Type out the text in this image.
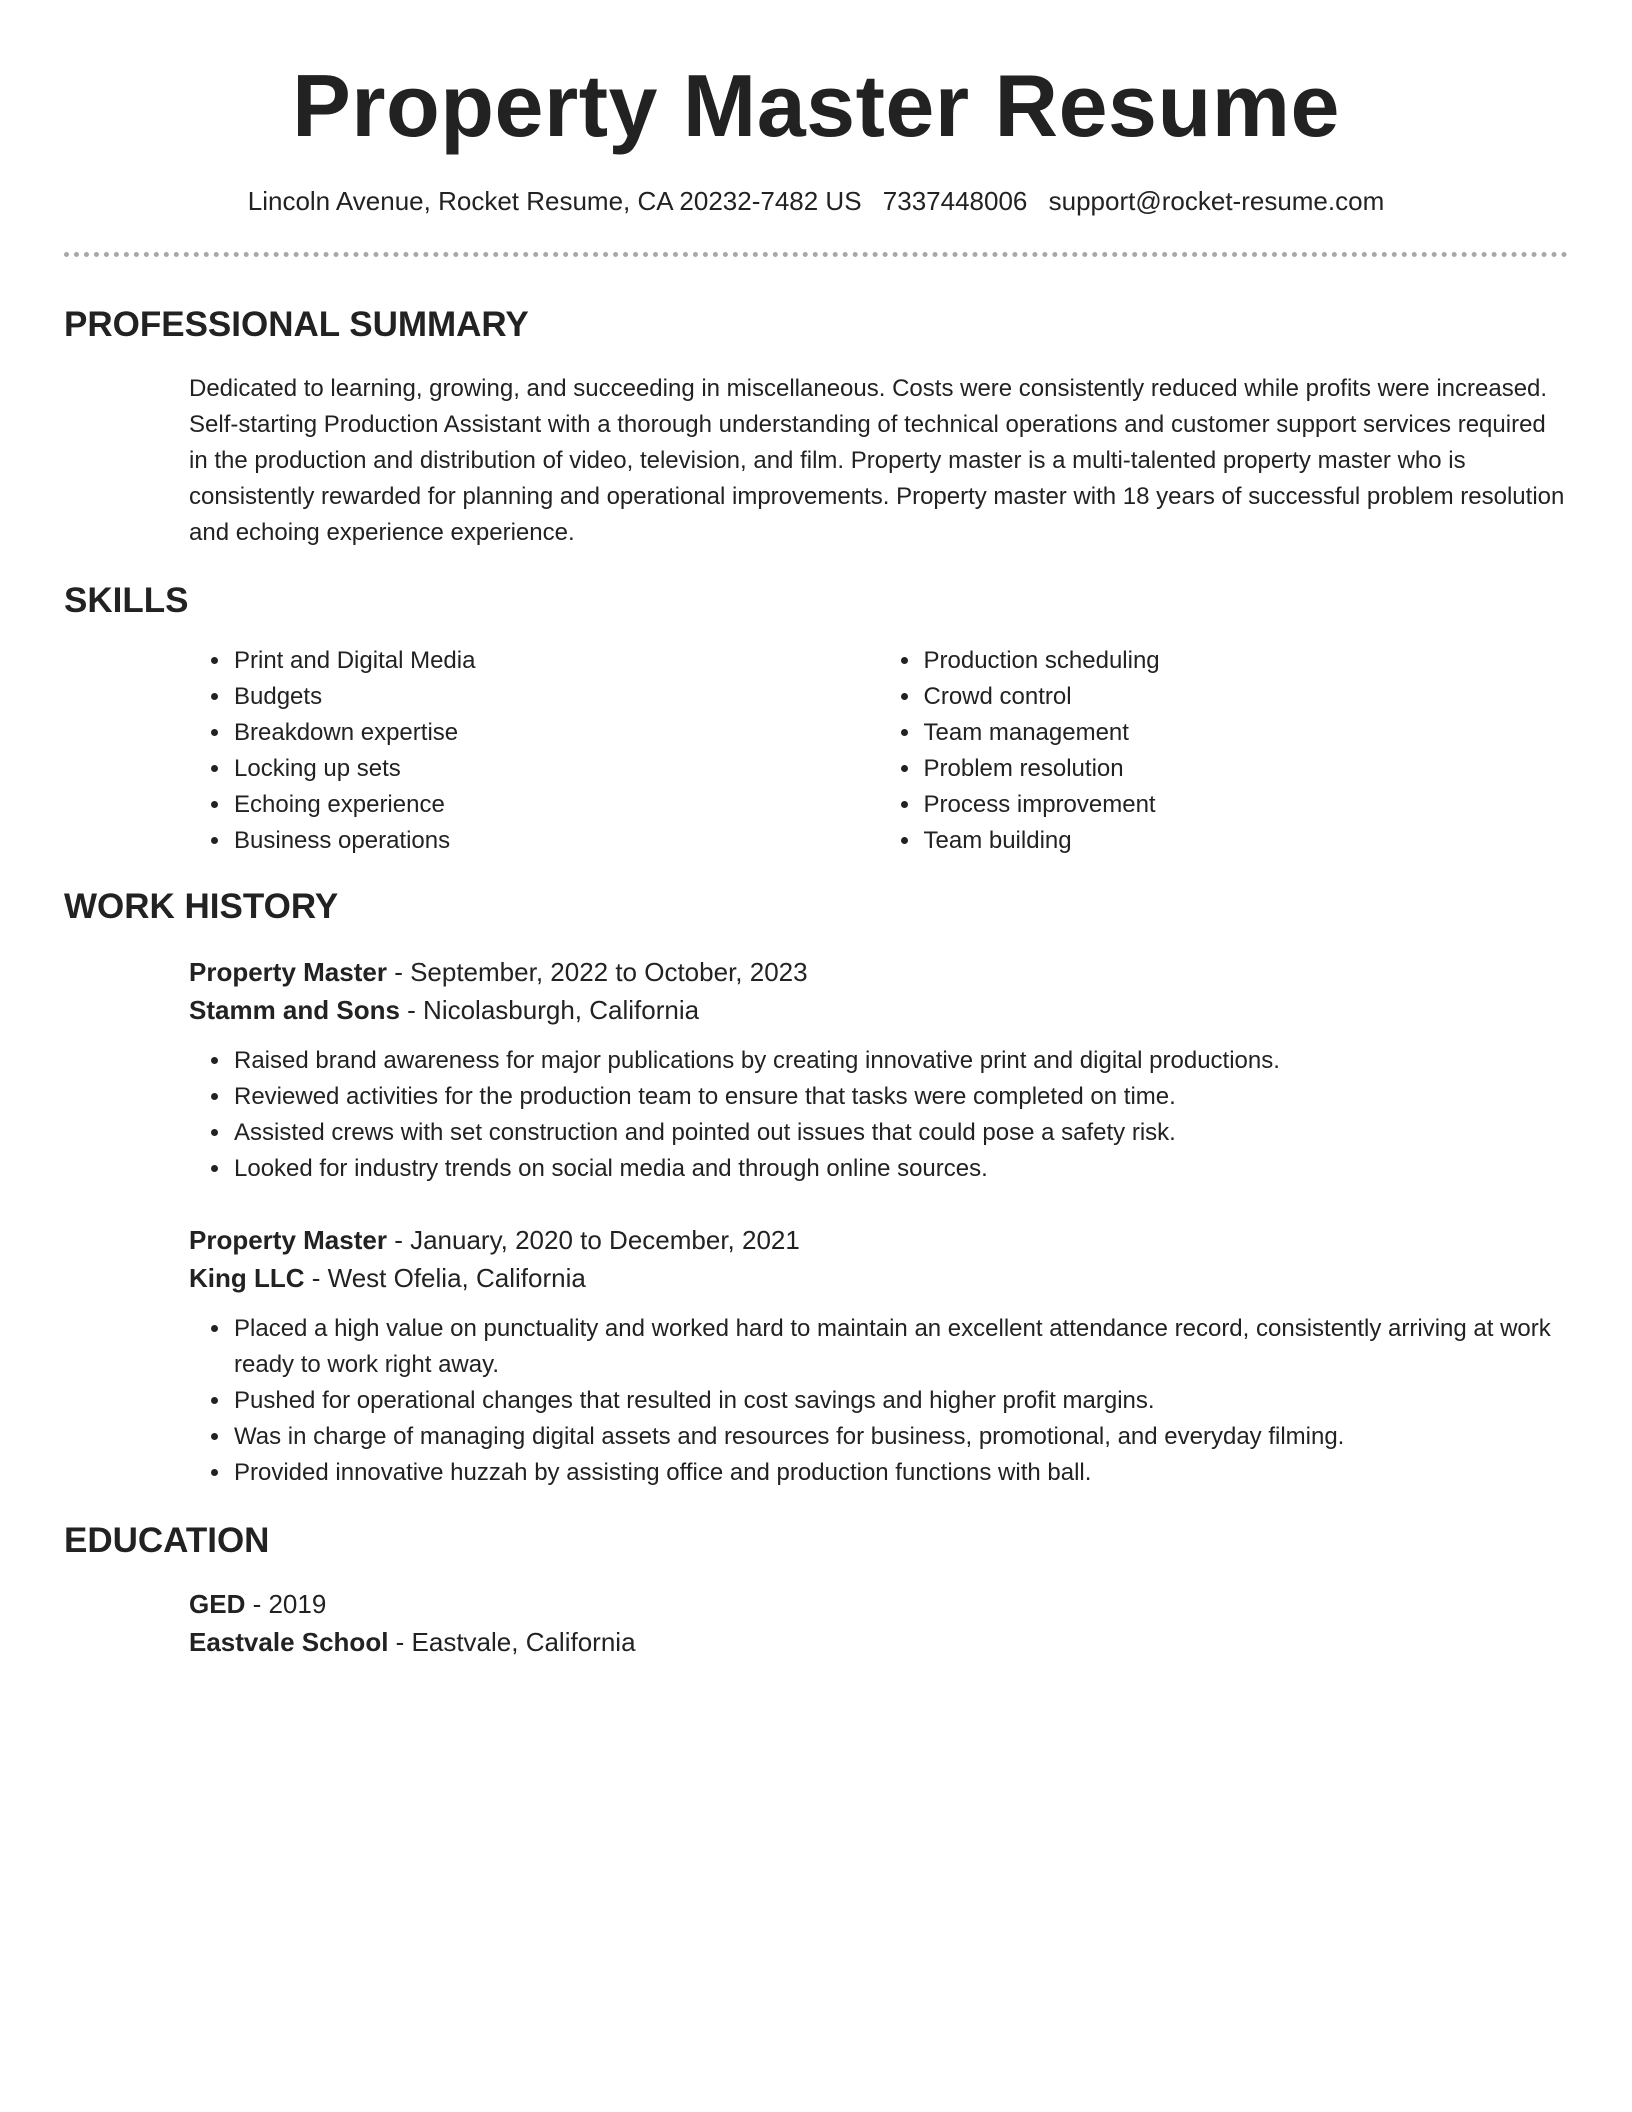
Property Master Resume
Lincoln Avenue, Rocket Resume, CA 20232-7482 US 7337448006 support@rocket-resume.com
PROFESSIONAL SUMMARY

Dedicated to learning, growing, and succeeding in miscellaneous. Costs were consistently reduced while profits were increased. Self-starting Production Assistant with a thorough understanding of technical operations and customer support services required in the production and distribution of video, television, and film. Property master is a multi-talented property master who is consistently rewarded for planning and operational improvements. Property master with 18 years of successful problem resolution and echoing experience experience.

SKILLS
• Print and Digital Media
• Budgets
• Breakdown expertise
• Locking up sets
• Echoing experience
• Business operations
• Production scheduling
• Crowd control
• Team management
• Problem resolution
• Process improvement
• Team building
WORK HISTORY
Property Master - September, 2022 to October, 2023
Stamm and Sons - Nicolasburgh, California
• Raised brand awareness for major publications by creating innovative print and digital productions.
• Reviewed activities for the production team to ensure that tasks were completed on time.
• Assisted crews with set construction and pointed out issues that could pose a safety risk.
• Looked for industry trends on social media and through online sources.
Property Master - January, 2020 to December, 2021
King LLC - West Ofelia, California
• Placed a high value on punctuality and worked hard to maintain an excellent attendance record, consistently arriving at work ready to work right away.
• Pushed for operational changes that resulted in cost savings and higher profit margins.
• Was in charge of managing digital assets and resources for business, promotional, and everyday filming.
• Provided innovative huzzah by assisting office and production functions with ball.
EDUCATION
GED - 2019
Eastvale School - Eastvale, California
